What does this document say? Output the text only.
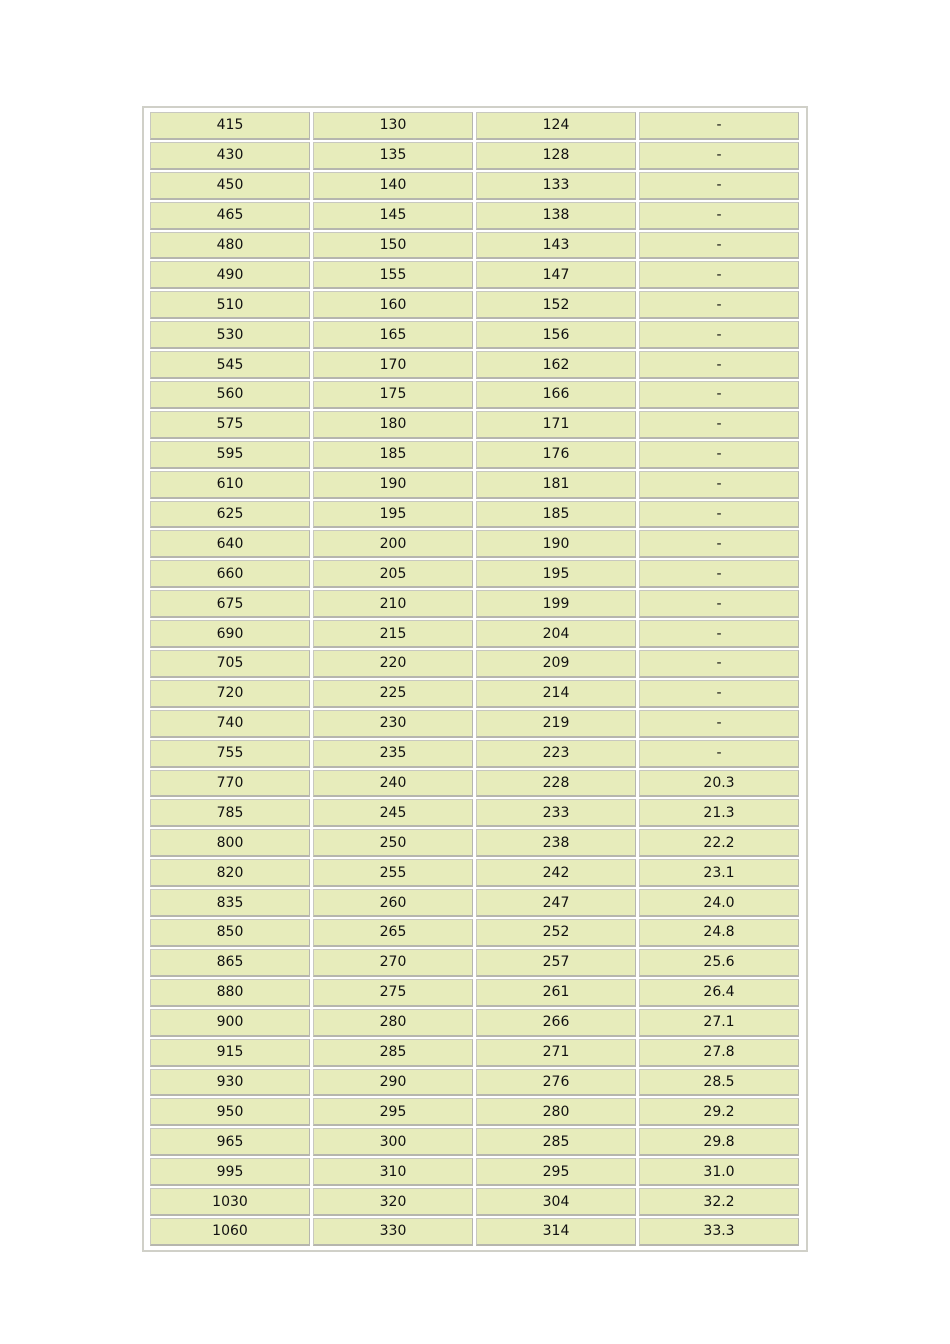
415	130	124	-
430	135	128	-
450	140	133	-
465	145	138	-
480	150	143	-
490	155	147	-
510	160	152	-
530	165	156	-
545	170	162	-
560	175	166	-
575	180	171	-
595	185	176	-
610	190	181	-
625	195	185	-
640	200	190	-
660	205	195	-
675	210	199	-
690	215	204	-
705	220	209	-
720	225	214	-
740	230	219	-
755	235	223	-
770	240	228	20.3
785	245	233	21.3
800	250	238	22.2
820	255	242	23.1
835	260	247	24.0
850	265	252	24.8
865	270	257	25.6
880	275	261	26.4
900	280	266	27.1
915	285	271	27.8
930	290	276	28.5
950	295	280	29.2
965	300	285	29.8
995	310	295	31.0
1030	320	304	32.2
1060	330	314	33.3
